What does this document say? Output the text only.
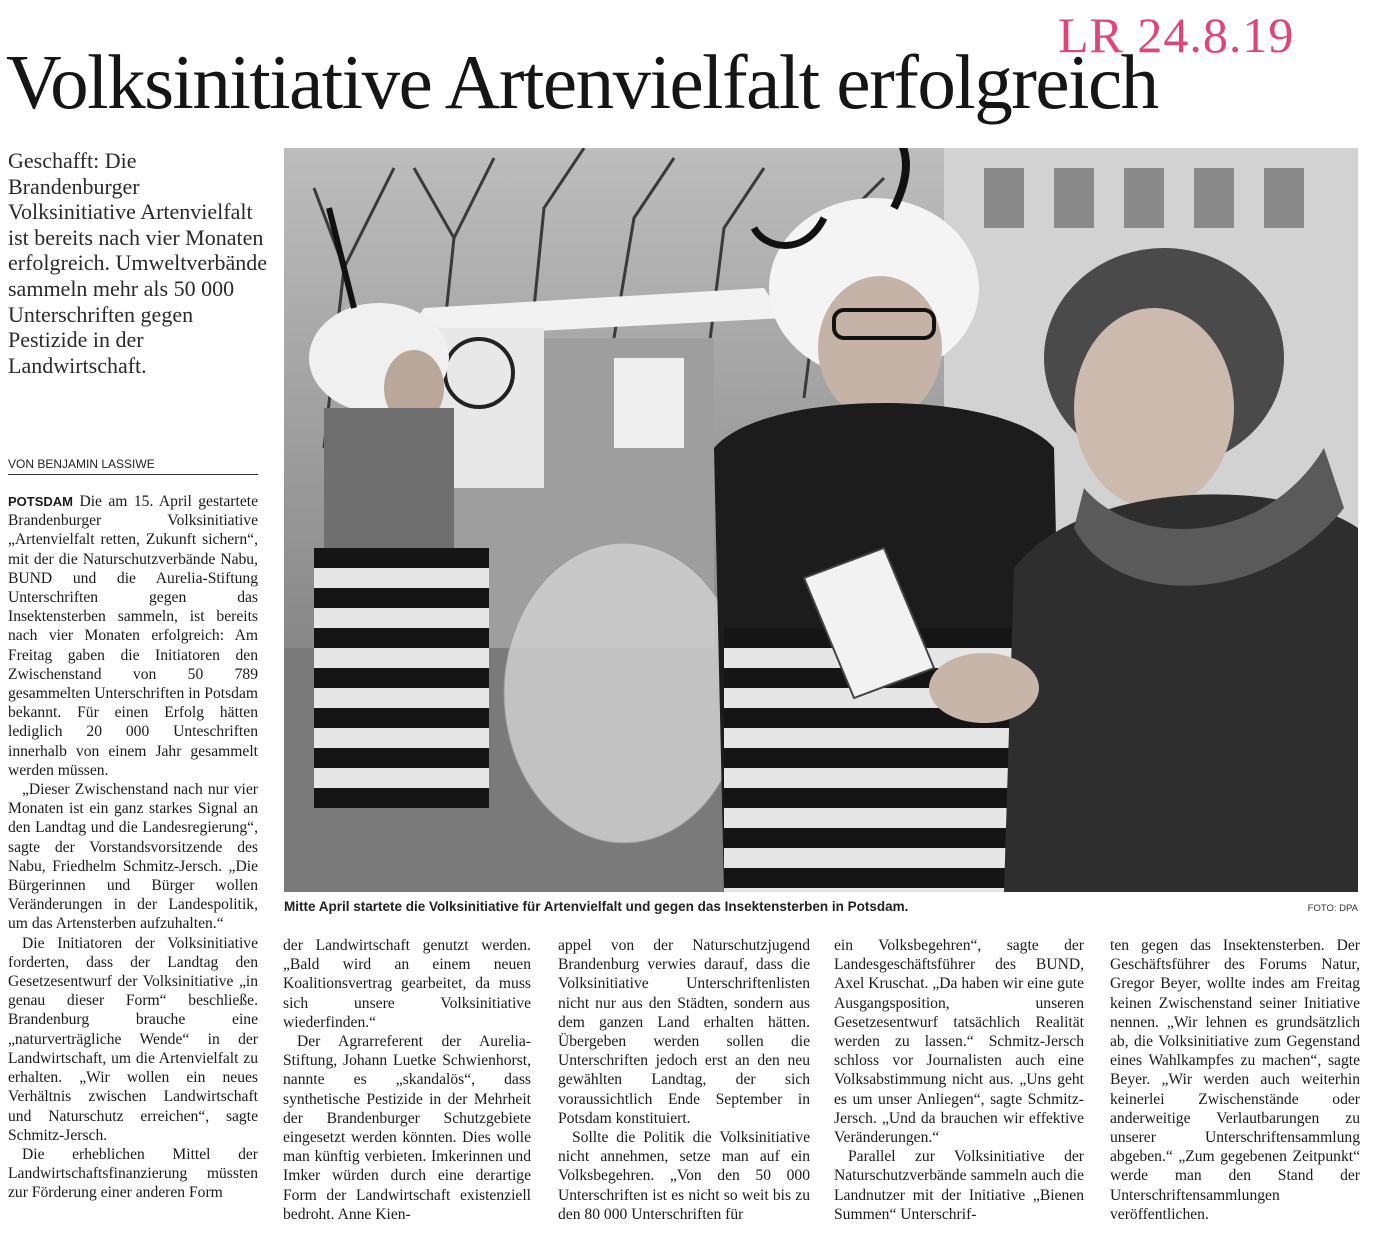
LR 24.8.19
Volksinitiative Artenvielfalt erfolgreich
Geschafft: Die Brandenburger Volksinitiative Artenvielfalt ist bereits nach vier Monaten erfolgreich. Umweltverbände sammeln mehr als 50 000 Unterschriften gegen Pestizide in der Landwirtschaft.
VON BENJAMIN LASSIWE
Mitte April startete die Volksinitiative für Artenvielfalt und gegen das Insektensterben in Potsdam.	FOTO: DPA

POTSDAM Die am 15. April gestartete Brandenburger Volksinitiative „Artenvielfalt retten, Zukunft sichern“, mit der die Naturschutzverbände Nabu, BUND und die Aurelia-Stiftung Unterschriften gegen das Insektensterben sammeln, ist bereits nach vier Monaten erfolgreich: Am Freitag gaben die Initiatoren den Zwischenstand von 50 789 gesammelten Unterschriften in Potsdam bekannt. Für einen Erfolg hätten lediglich 20 000 Unteschriften innerhalb von einem Jahr gesammelt werden müssen.

„Dieser Zwischenstand nach nur vier Monaten ist ein ganz starkes Signal an den Landtag und die Landesregierung“, sagte der Vorstandsvorsitzende des Nabu, Friedhelm Schmitz-Jersch. „Die Bürgerinnen und Bürger wollen Veränderungen in der Landespolitik, um das Artensterben aufzuhalten.“

Die Initiatoren der Volksinitiative forderten, dass der Landtag den Gesetzesentwurf der Volksinitiative „in genau dieser Form“ beschließe. Brandenburg brauche eine „naturverträgliche Wende“ in der Landwirtschaft, um die Artenvielfalt zu erhalten. „Wir wollen ein neues Verhältnis zwischen Landwirtschaft und Naturschutz erreichen“, sagte Schmitz-Jersch.

Die erheblichen Mittel der Landwirtschaftsfinanzierung müssten zur Förderung einer anderen Form

der Landwirtschaft genutzt werden. „Bald wird an einem neuen Koalitionsvertrag gearbeitet, da muss sich unsere Volksinitiative wiederfinden.“

Der Agrarreferent der Aurelia-Stiftung, Johann Luetke Schwienhorst, nannte es „skandalös“, dass synthetische Pestizide in der Mehrheit der Brandenburger Schutzgebiete eingesetzt werden könnten. Dies wolle man künftig verbieten. Imkerinnen und Imker würden durch eine derartige Form der Landwirtschaft existenziell bedroht. Anne Kien-

appel von der Naturschutzjugend Brandenburg verwies darauf, dass die Volksinitiative Unterschriftenlisten nicht nur aus den Städten, sondern aus dem ganzen Land erhalten hätten. Übergeben werden sollen die Unterschriften jedoch erst an den neu gewählten Landtag, der sich voraussichtlich Ende September in Potsdam konstituiert.

Sollte die Politik die Volksinitiative nicht annehmen, setze man auf ein Volksbegehren. „Von den 50 000 Unterschriften ist es nicht so weit bis zu den 80 000 Unterschriften für

ein Volksbegehren“, sagte der Landesgeschäftsführer des BUND, Axel Kruschat. „Da haben wir eine gute Ausgangsposition, unseren Gesetzesentwurf tatsächlich Realität werden zu lassen.“ Schmitz-Jersch schloss vor Journalisten auch eine Volksabstimmung nicht aus. „Uns geht es um unser Anliegen“, sagte Schmitz-Jersch. „Und da brauchen wir effektive Veränderungen.“

Parallel zur Volksinitiative der Naturschutzverbände sammeln auch die Landnutzer mit der Initiative „Bienen Summen“ Unterschrif-

ten gegen das Insektensterben. Der Geschäftsführer des Forums Natur, Gregor Beyer, wollte indes am Freitag keinen Zwischenstand seiner Initiative nennen. „Wir lehnen es grundsätzlich ab, die Volksinitiative zum Gegenstand eines Wahlkampfes zu machen“, sagte Beyer. „Wir werden auch weiterhin keinerlei Zwischenstände oder anderweitige Verlautbarungen zu unserer Unterschriftensammlung abgeben.“ „Zum gegebenen Zeitpunkt“ werde man den Stand der Unterschriftensammlungen veröffentlichen.
